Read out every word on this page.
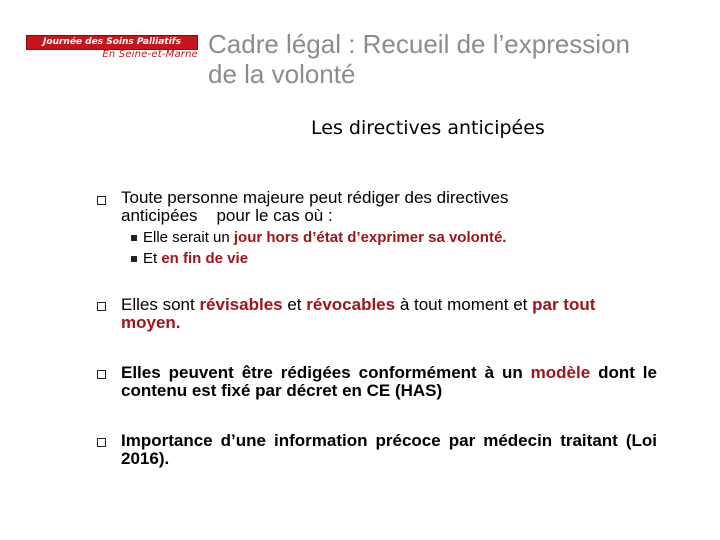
Journée des Soins Palliatifs
En Seine-et-Marne Cadre légal : Recueil de l’expression
de la volonté
Les directives anticipées
Toute personne majeure peut rédiger des directives
anticipées    pour le cas où :
Elle serait un jour hors d’état d’exprimer sa volonté.
Et en fin de vie
Elles sont révisables et révocables à tout moment et par tout moyen.
Elles peuvent être rédigées conformément à un modèle dont le contenu est fixé par décret en CE (HAS)
Importance d’une information précoce par médecin traitant (Loi 2016).
